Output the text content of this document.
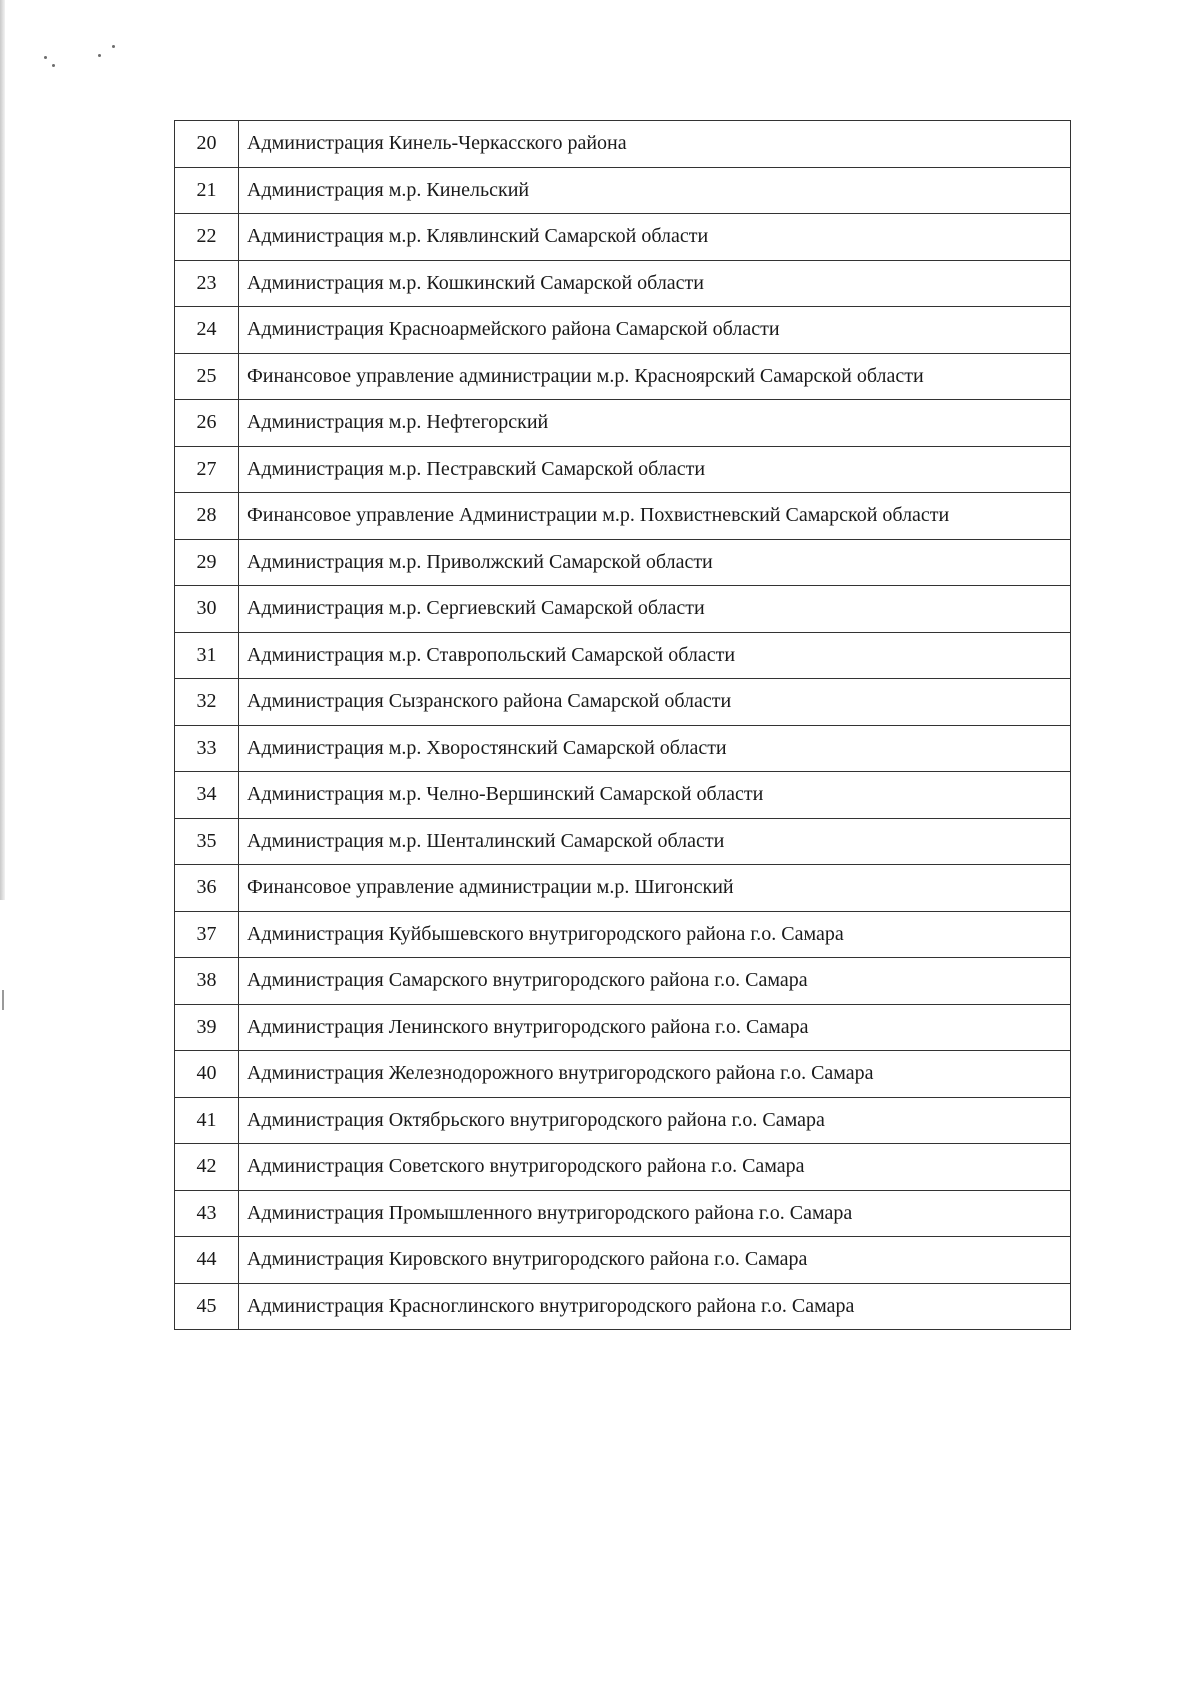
20	Администрация Кинель-Черкасского района
21	Администрация м.р. Кинельский
22	Администрация м.р. Клявлинский Самарской области
23	Администрация м.р. Кошкинский Самарской области
24	Администрация Красноармейского района Самарской области
25	Финансовое управление администрации м.р. Красноярский Самарской области
26	Администрация м.р. Нефтегорский
27	Администрация м.р. Пестравский Самарской области
28	Финансовое управление Администрации м.р. Похвистневский Самарской области
29	Администрация м.р. Приволжский Самарской области
30	Администрация м.р. Сергиевский Самарской области
31	Администрация м.р. Ставропольский Самарской области
32	Администрация Сызранского района Самарской области
33	Администрация м.р. Хворостянский Самарской области
34	Администрация м.р. Челно-Вершинский Самарской области
35	Администрация м.р. Шенталинский Самарской области
36	Финансовое управление администрации м.р. Шигонский
37	Администрация Куйбышевского внутригородского района г.о. Самара
38	Администрация Самарского внутригородского района г.о. Самара
39	Администрация Ленинского внутригородского района г.о. Самара
40	Администрация Железнодорожного внутригородского района г.о. Самара
41	Администрация Октябрьского внутригородского района г.о. Самара
42	Администрация Советского внутригородского района г.о. Самара
43	Администрация Промышленного внутригородского района г.о. Самара
44	Администрация Кировского внутригородского района г.о. Самара
45	Администрация Красноглинского внутригородского района г.о. Самара
